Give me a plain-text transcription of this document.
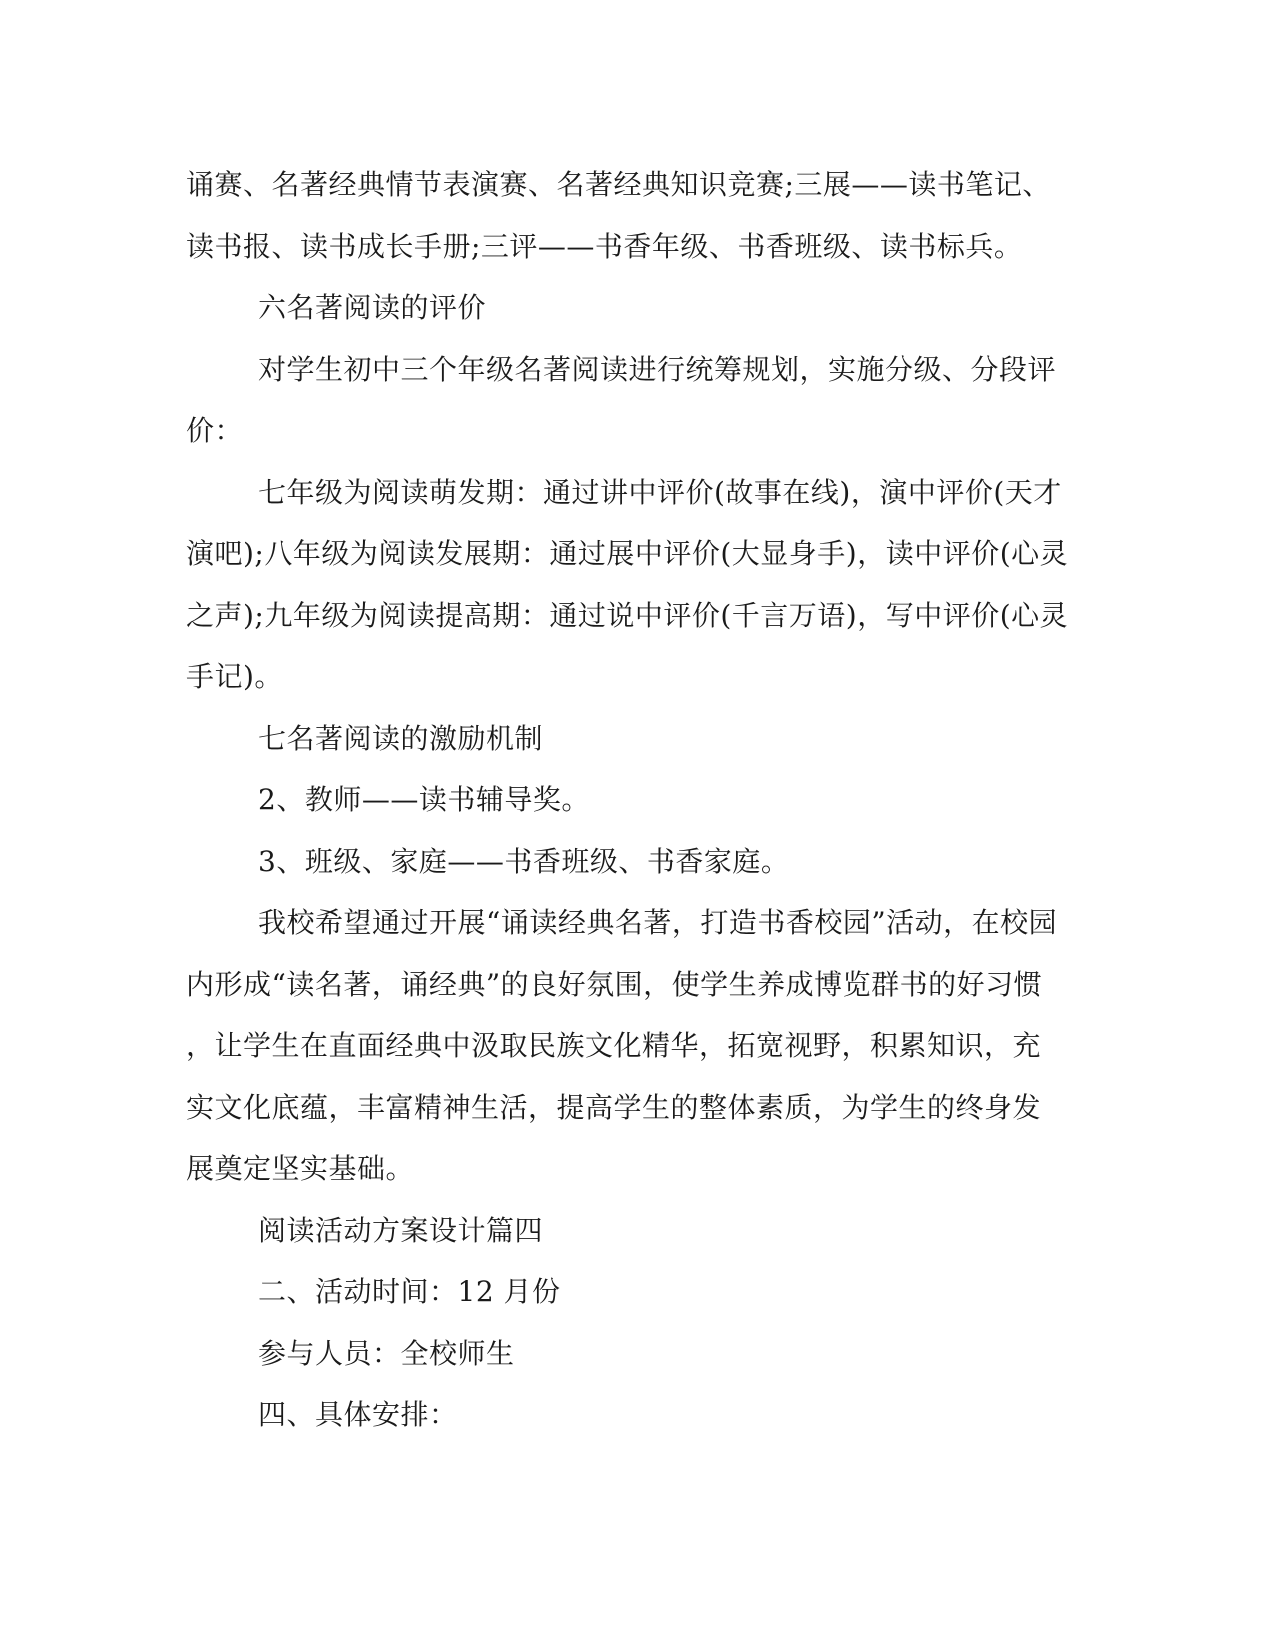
诵赛、名著经典情节表演赛、名著经典知识竞赛;三展——读书笔记、
读书报、读书成长手册;三评——书香年级、书香班级、读书标兵。
六名著阅读的评价
对学生初中三个年级名著阅读进行统筹规划，实施分级、分段评
价：
七年级为阅读萌发期：通过讲中评价(故事在线)，演中评价(天才
演吧);八年级为阅读发展期：通过展中评价(大显身手)，读中评价(心灵
之声);九年级为阅读提高期：通过说中评价(千言万语)，写中评价(心灵
手记)。
七名著阅读的激励机制
2、教师——读书辅导奖。
3、班级、家庭——书香班级、书香家庭。
我校希望通过开展“诵读经典名著，打造书香校园”活动，在校园
内形成“读名著，诵经典”的良好氛围，使学生养成博览群书的好习惯
，让学生在直面经典中汲取民族文化精华，拓宽视野，积累知识，充
实文化底蕴，丰富精神生活，提高学生的整体素质，为学生的终身发
展奠定坚实基础。
阅读活动方案设计篇四
二、活动时间：12 月份
参与人员：全校师生
四、具体安排：
